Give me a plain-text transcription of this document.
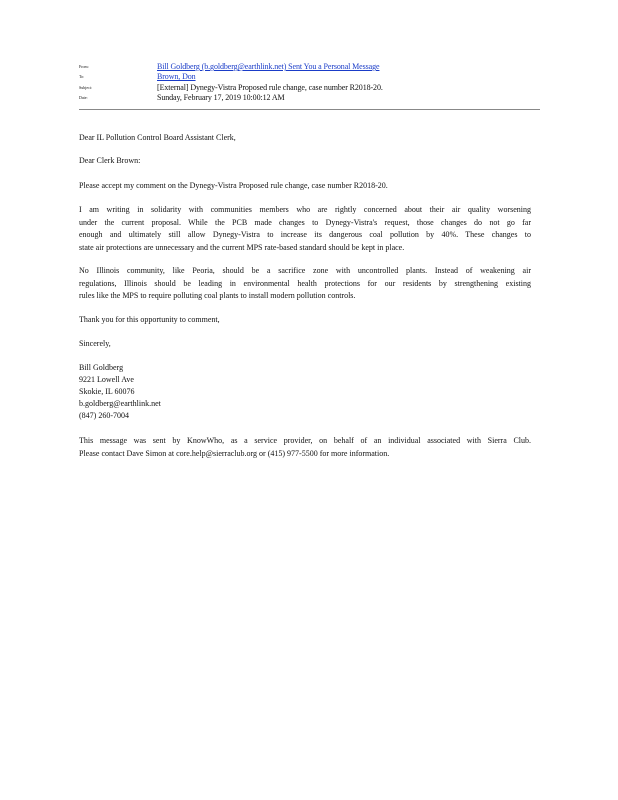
From:	Bill Goldberg (b.goldberg@earthlink.net) Sent You a Personal Message
To:	Brown, Don
Subject:	[External] Dynegy-Vistra Proposed rule change, case number R2018-20.
Date:	Sunday, February 17, 2019 10:00:12 AM
Dear IL Pollution Control Board Assistant Clerk,
Dear Clerk Brown:
Please accept my comment on the Dynegy-Vistra Proposed rule change, case number R2018-20.
I am writing in solidarity with communities members who are rightly concerned about their air quality worsening
under the current proposal. While the PCB made changes to Dynegy-Vistra's request, those changes do not go far
enough and ultimately still allow Dynegy-Vistra to increase its dangerous coal pollution by 40%. These changes to
state air protections are unnecessary and the current MPS rate-based standard should be kept in place.
No Illinois community, like Peoria, should be a sacrifice zone with uncontrolled plants. Instead of weakening air
regulations, Illinois should be leading in environmental health protections for our residents by strengthening existing
rules like the MPS to require polluting coal plants to install modern pollution controls.
Thank you for this opportunity to comment,
Sincerely,
Bill Goldberg
9221 Lowell Ave
Skokie, IL 60076
b.goldberg@earthlink.net
(847) 260-7004
This message was sent by KnowWho, as a service provider, on behalf of an individual associated with Sierra Club.
Please contact Dave Simon at core.help@sierraclub.org or (415) 977-5500 for more information.
